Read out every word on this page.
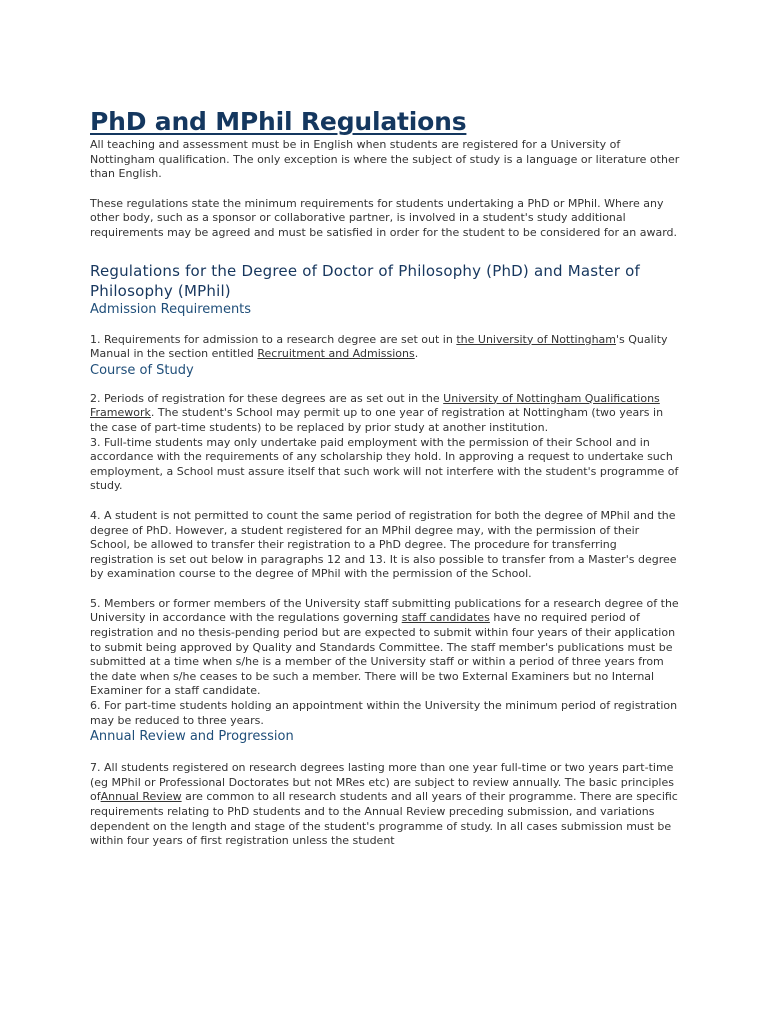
PhD and MPhil Regulations

All teaching and assessment must be in English when students are registered for a University of Nottingham qualification. The only exception is where the subject of study is a language or literature other than English.

These regulations state the minimum requirements for students undertaking a PhD or MPhil. Where any other body, such as a sponsor or collaborative partner, is involved in a student's study additional requirements may be agreed and must be satisfied in order for the student to be considered for an award.

Regulations for the Degree of Doctor of Philosophy (PhD) and Master of Philosophy (MPhil)
Admission Requirements

1. Requirements for admission to a research degree are set out in the University of Nottingham's Quality Manual in the section entitled Recruitment and Admissions.

Course of Study

2. Periods of registration for these degrees are as set out in the University of Nottingham Qualifications Framework. The student's School may permit up to one year of registration at Nottingham (two years in the case of part-time students) to be replaced by prior study at another institution.

3. Full-time students may only undertake paid employment with the permission of their School and in accordance with the requirements of any scholarship they hold. In approving a request to undertake such employment, a School must assure itself that such work will not interfere with the student's programme of study.

4. A student is not permitted to count the same period of registration for both the degree of MPhil and the degree of PhD. However, a student registered for an MPhil degree may, with the permission of their School, be allowed to transfer their registration to a PhD degree. The procedure for transferring registration is set out below in paragraphs 12 and 13. It is also possible to transfer from a Master's degree by examination course to the degree of MPhil with the permission of the School.

5. Members or former members of the University staff submitting publications for a research degree of the University in accordance with the regulations governing staff candidates have no required period of registration and no thesis-pending period but are expected to submit within four years of their application to submit being approved by Quality and Standards Committee. The staff member's publications must be submitted at a time when s/he is a member of the University staff or within a period of three years from the date when s/he ceases to be such a member. There will be two External Examiners but no Internal Examiner for a staff candidate.

6. For part-time students holding an appointment within the University the minimum period of registration may be reduced to three years.

Annual Review and Progression

7. All students registered on research degrees lasting more than one year full-time or two years part-time (eg MPhil or Professional Doctorates but not MRes etc) are subject to review annually. The basic principles ofAnnual Review are common to all research students and all years of their programme. There are specific requirements relating to PhD students and to the Annual Review preceding submission, and variations dependent on the length and stage of the student's programme of study. In all cases submission must be within four years of first registration unless the student
